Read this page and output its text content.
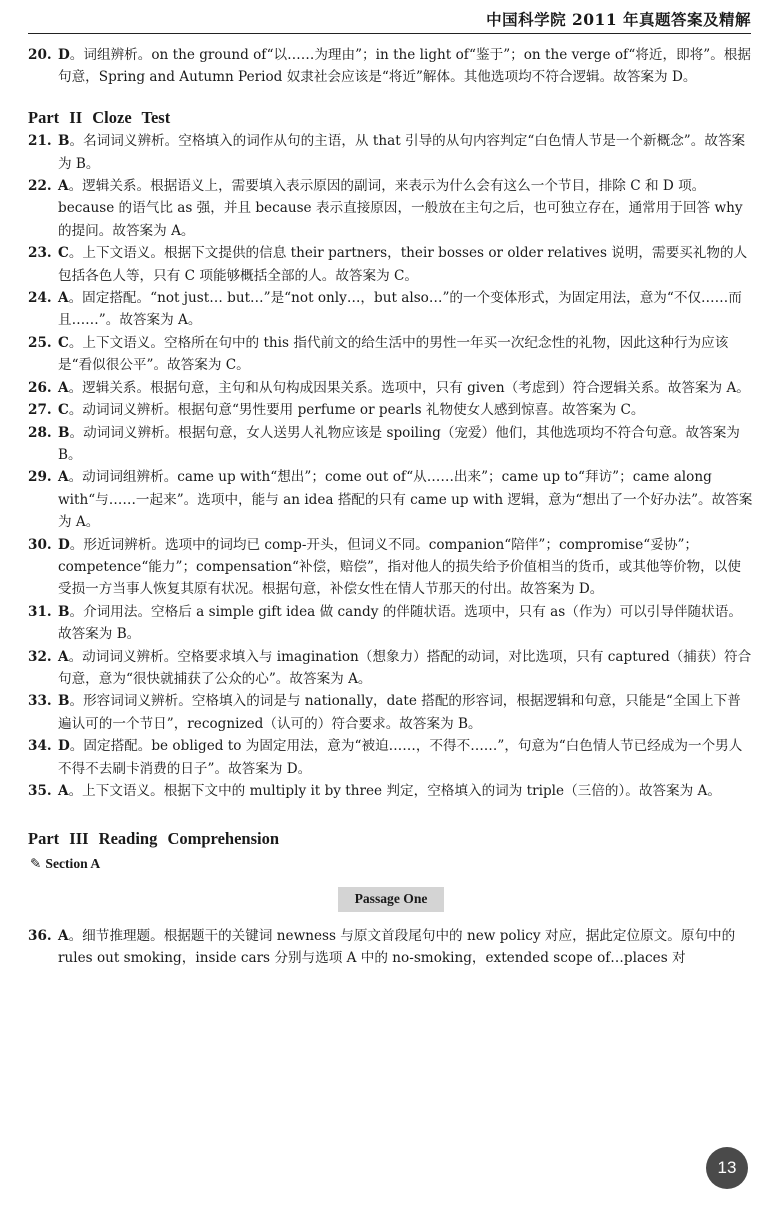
中国科学院 2011 年真题答案及精解

20. D。词组辨析。on the ground of“以……为理由”；in the light of“鉴于”；on the verge of“将近，即将”。根据句意，Spring and Autumn Period 奴隶社会应该是“将近”解体。其他选项均不符合逻辑。故答案为 D。

Part II Cloze Test

21. B。名词词义辨析。空格填入的词作从句的主语，从 that 引导的从句内容判定“白色情人节是一个新概念”。故答案为 B。

22. A。逻辑关系。根据语义上，需要填入表示原因的副词，来表示为什么会有这么一个节目，排除 C 和 D 项。because 的语气比 as 强，并且 because 表示直接原因，一般放在主句之后，也可独立存在，通常用于回答 why 的提问。故答案为 A。

23. C。上下文语义。根据下文提供的信息 their partners，their bosses or older relatives 说明，需要买礼物的人包括各色人等，只有 C 项能够概括全部的人。故答案为 C。

24. A。固定搭配。“not just… but…”是“not only…，but also…”的一个变体形式，为固定用法，意为“不仅……而且……”。故答案为 A。

25. C。上下文语义。空格所在句中的 this 指代前文的给生活中的男性一年买一次纪念性的礼物，因此这种行为应该是“看似很公平”。故答案为 C。

26. A。逻辑关系。根据句意，主句和从句构成因果关系。选项中，只有 given（考虑到）符合逻辑关系。故答案为 A。

27. C。动词词义辨析。根据句意“男性要用 perfume or pearls 礼物使女人感到惊喜。故答案为 C。

28. B。动词词义辨析。根据句意，女人送男人礼物应该是 spoiling（宠爱）他们，其他选项均不符合句意。故答案为 B。

29. A。动词词组辨析。came up with“想出”；come out of“从……出来”；came up to“拜访”；came along with“与……一起来”。选项中，能与 an idea 搭配的只有 came up with 逻辑，意为“想出了一个好办法”。故答案为 A。

30. D。形近词辨析。选项中的词均已 comp-开头，但词义不同。companion“陪伴”；compromise“妥协”；competence“能力”；compensation“补偿，赔偿”，指对他人的损失给予价值相当的货币，或其他等价物，以使受损一方当事人恢复其原有状况。根据句意，补偿女性在情人节那天的付出。故答案为 D。

31. B。介词用法。空格后 a simple gift idea 做 candy 的伴随状语。选项中，只有 as（作为）可以引导伴随状语。故答案为 B。

32. A。动词词义辨析。空格要求填入与 imagination（想象力）搭配的动词，对比选项，只有 captured（捕获）符合句意，意为“很快就捕获了公众的心”。故答案为 A。

33. B。形容词词义辨析。空格填入的词是与 nationally，date 搭配的形容词，根据逻辑和句意，只能是“全国上下普遍认可的一个节日”，recognized（认可的）符合要求。故答案为 B。

34. D。固定搭配。be obliged to 为固定用法，意为“被迫……，不得不……”，句意为“白色情人节已经成为一个男人不得不去刷卡消费的日子”。故答案为 D。

35. A。上下文语义。根据下文中的 multiply it by three 判定，空格填入的词为 triple（三倍的）。故答案为 A。

Part III Reading Comprehension
✎ Section A
Passage One

36. A。细节推理题。根据题干的关键词 newness 与原文首段尾句中的 new policy 对应，据此定位原文。原句中的 rules out smoking，inside cars 分别与选项 A 中的 no-smoking，extended scope of…places 对

13
